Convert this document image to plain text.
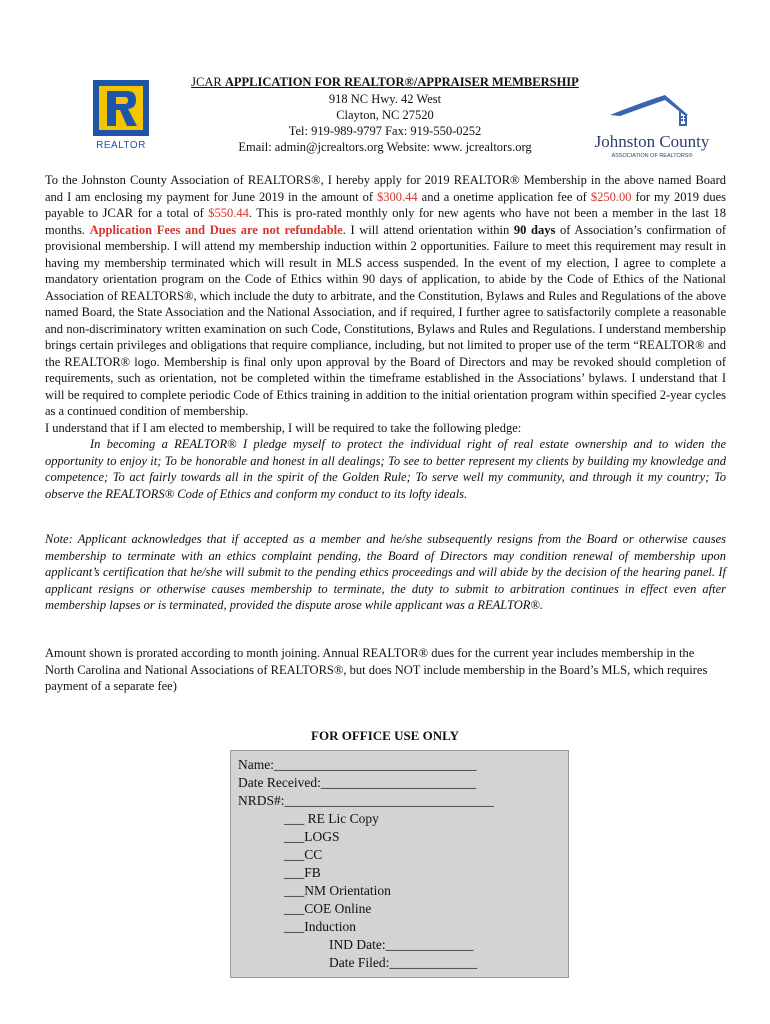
JCAR APPLICATION FOR REALTOR®/APPRAISER MEMBERSHIP
918 NC Hwy. 42 West
Clayton, NC 27520
Tel: 919-989-9797 Fax: 919-550-0252
Email: admin@jcrealtors.org Website: www. jcrealtors.org
REALTOR	Johnston County
ASSOCIATION OF REALTORS®
To the Johnston County Association of REALTORS®, I hereby apply for 2019 REALTOR® Membership in the above named Board and I am enclosing my payment for June 2019 in the amount of $300.44 and a onetime application fee of $250.00 for my 2019 dues payable to JCAR for a total of $550.44. This is pro-rated monthly only for new agents who have not been a member in the last 18 months. Application Fees and Dues are not refundable. I will attend orientation within 90 days of Association’s confirmation of provisional membership. I will attend my membership induction within 2 opportunities. Failure to meet this requirement may result in having my membership terminated which will result in MLS access suspended. In the event of my election, I agree to complete a mandatory orientation program on the Code of Ethics within 90 days of application, to abide by the Code of Ethics of the National Association of REALTORS®, which include the duty to arbitrate, and the Constitution, Bylaws and Rules and Regulations of the above named Board, the State Association and the National Association, and if required, I further agree to satisfactorily complete a reasonable and non-discriminatory written examination on such Code, Constitutions, Bylaws and Rules and Regulations. I understand membership brings certain privileges and obligations that require compliance, including, but not limited to proper use of the term “REALTOR® and the REALTOR® logo. Membership is final only upon approval by the Board of Directors and may be revoked should completion of requirements, such as orientation, not be completed within the timeframe established in the Associations’ bylaws. I understand that I will be required to complete periodic Code of Ethics training in addition to the initial orientation program within specified 2-year cycles as a continued condition of membership.
I understand that if I am elected to membership, I will be required to take the following pledge:
In becoming a REALTOR® I pledge myself to protect the individual right of real estate ownership and to widen the opportunity to enjoy it; To be honorable and honest in all dealings; To see to better represent my clients by building my knowledge and competence; To act fairly towards all in the spirit of the Golden Rule; To serve well my community, and through it my country; To observe the REALTORS® Code of Ethics and conform my conduct to its lofty ideals.
Note: Applicant acknowledges that if accepted as a member and he/she subsequently resigns from the Board or otherwise causes membership to terminate with an ethics complaint pending, the Board of Directors may condition renewal of membership upon applicant’s certification that he/she will submit to the pending ethics proceedings and will abide by the decision of the hearing panel. If applicant resigns or otherwise causes membership to terminate, the duty to submit to arbitration continues in effect even after membership lapses or is terminated, provided the dispute arose while applicant was a REALTOR®.
Amount shown is prorated according to month joining. Annual REALTOR® dues for the current year includes membership in the North Carolina and National Associations of REALTORS®, but does NOT include membership in the Board’s MLS, which requires payment of a separate fee)
FOR OFFICE USE ONLY
Name:______________________________
Date Received:_______________________
NRDS#:_______________________________
___ RE Lic Copy
___LOGS
___CC
___FB
___NM Orientation
___COE Online
___Induction
IND Date:_____________
Date Filed:_____________
